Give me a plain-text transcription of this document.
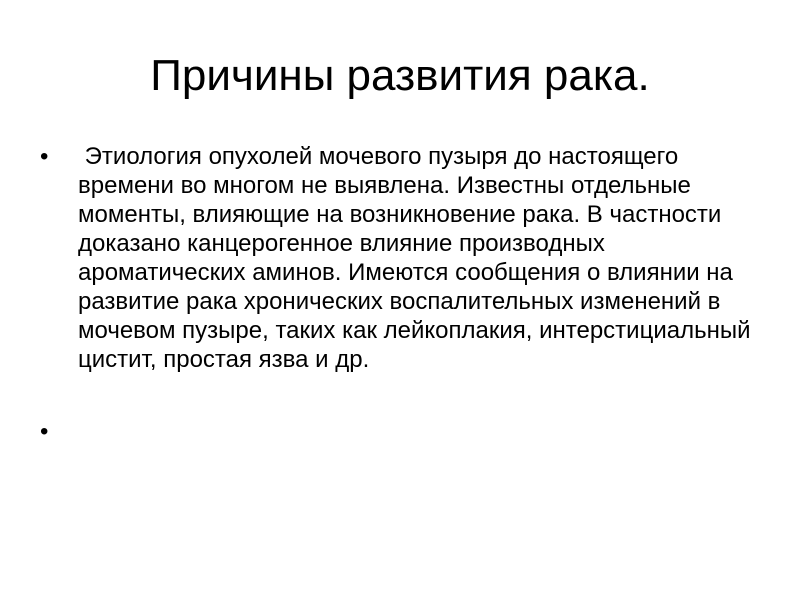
Причины развития рака.
•	Этиология опухолей мочевого пузыря до настоящего времени во многом не выявлена. Известны отдельные моменты, влияющие на возникновение рака. В частности доказано канцерогенное влияние производных ароматических аминов. Имеются сообщения о влиянии на развитие рака хронических воспалительных изменений в мочевом пузыре, таких как лейкоплакия, интерстициальный цистит, простая язва и др.
•
